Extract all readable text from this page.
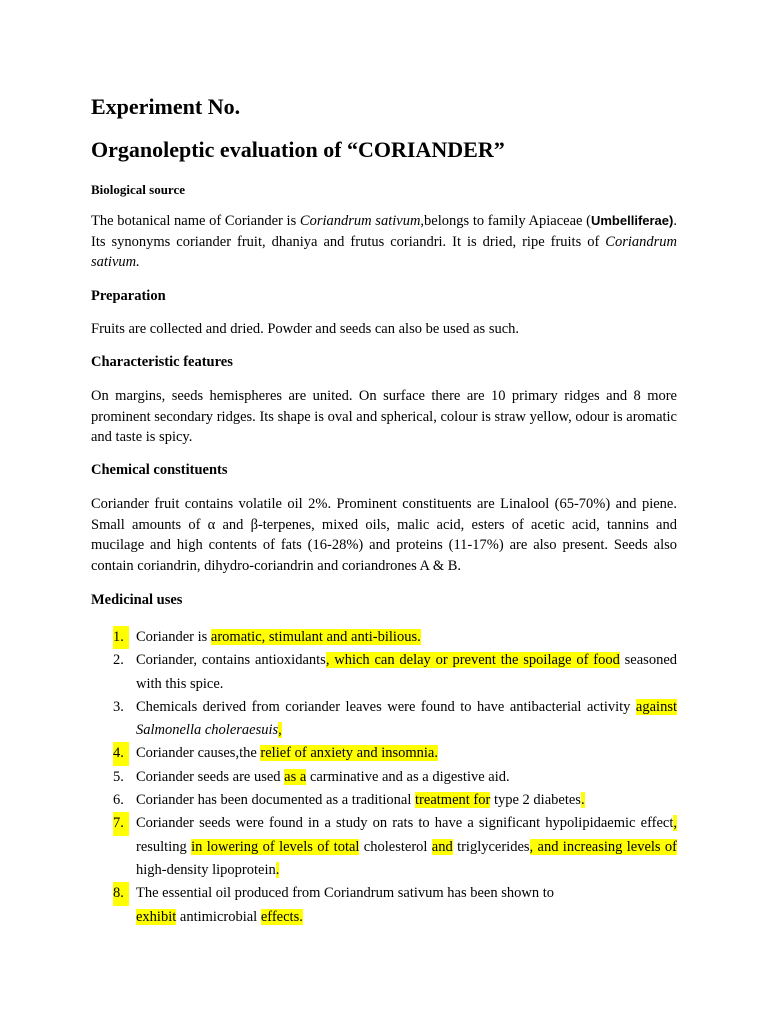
Experiment No.
Organoleptic evaluation of “CORIANDER”
Biological source

The botanical name of Coriander is Coriandrum sativum,belongs to family Apiaceae (Umbelliferae). Its synonyms coriander fruit, dhaniya and frutus coriandri. It is dried, ripe fruits of Coriandrum sativum.

Preparation

Fruits are collected and dried. Powder and seeds can also be used as such.

Characteristic features

On margins, seeds hemispheres are united. On surface there are 10 primary ridges and 8 more prominent secondary ridges. Its shape is oval and spherical, colour is straw yellow, odour is aromatic and taste is spicy.

Chemical constituents

Coriander fruit contains volatile oil 2%. Prominent constituents are Linalool (65-70%) and piene. Small amounts of α and β-terpenes, mixed oils, malic acid, esters of acetic acid, tannins and mucilage and high contents of fats (16-28%) and proteins (11-17%) are also present. Seeds also contain coriandrin, dihydro-coriandrin and coriandrones A & B.

Medicinal uses
1. Coriander is aromatic, stimulant and anti-bilious.
2. Coriander, contains antioxidants, which can delay or prevent the spoilage of food seasoned with this spice.
3. Chemicals derived from coriander leaves were found to have antibacterial activity against Salmonella choleraesuis,
4. Coriander causes,the relief of anxiety and insomnia.
5. Coriander seeds are used as a carminative and as a digestive aid.
6. Coriander has been documented as a traditional treatment for type 2 diabetes.
7. Coriander seeds were found in a study on rats to have a significant hypolipidaemic effect, resulting in lowering of levels of total cholesterol and triglycerides, and increasing levels of high-density lipoprotein.
8. The essential oil produced from Coriandrum sativum has been shown to
exhibit antimicrobial effects.
